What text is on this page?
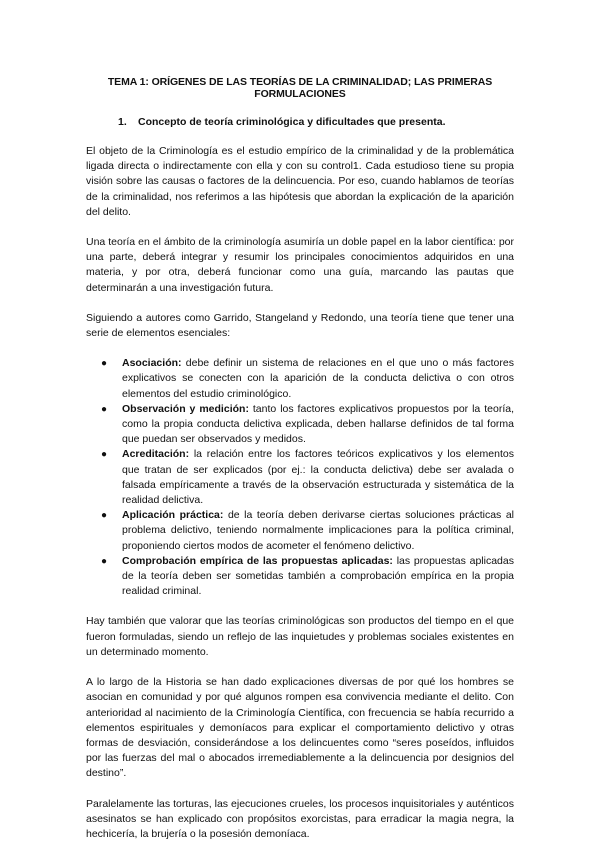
TEMA 1: ORÍGENES DE LAS TEORÍAS DE LA CRIMINALIDAD; LAS PRIMERAS FORMULACIONES
1.	Concepto de teoría criminológica y dificultades que presenta.

El objeto de la Criminología es el estudio empírico de la criminalidad y de la problemática ligada directa o indirectamente con ella y con su control1. Cada estudioso tiene su propia visión sobre las causas o factores de la delincuencia. Por eso, cuando hablamos de teorías de la criminalidad, nos referimos a las hipótesis que abordan la explicación de la aparición del delito.

Una teoría en el ámbito de la criminología asumiría un doble papel en la labor científica: por una parte, deberá integrar y resumir los principales conocimientos adquiridos en una materia, y por otra, deberá funcionar como una guía, marcando las pautas que determinarán a una investigación futura.

Siguiendo a autores como Garrido, Stangeland y Redondo, una teoría tiene que tener una serie de elementos esenciales:

● Asociación: debe definir un sistema de relaciones en el que uno o más factores explicativos se conecten con la aparición de la conducta delictiva o con otros elementos del estudio criminológico.
● Observación y medición: tanto los factores explicativos propuestos por la teoría, como la propia conducta delictiva explicada, deben hallarse definidos de tal forma que puedan ser observados y medidos.
● Acreditación: la relación entre los factores teóricos explicativos y los elementos que tratan de ser explicados (por ej.: la conducta delictiva) debe ser avalada o falsada empíricamente a través de la observación estructurada y sistemática de la realidad delictiva.
● Aplicación práctica: de la teoría deben derivarse ciertas soluciones prácticas al problema delictivo, teniendo normalmente implicaciones para la política criminal, proponiendo ciertos modos de acometer el fenómeno delictivo.
● Comprobación empírica de las propuestas aplicadas: las propuestas aplicadas de la teoría deben ser sometidas también a comprobación empírica en la propia realidad criminal.

Hay también que valorar que las teorías criminológicas son productos del tiempo en el que fueron formuladas, siendo un reflejo de las inquietudes y problemas sociales existentes en un determinado momento.

A lo largo de la Historia se han dado explicaciones diversas de por qué los hombres se asocian en comunidad y por qué algunos rompen esa convivencia mediante el delito. Con anterioridad al nacimiento de la Criminología Científica, con frecuencia se había recurrido a elementos espirituales y demoníacos para explicar el comportamiento delictivo y otras formas de desviación, considerándose a los delincuentes como “seres poseídos, influidos por las fuerzas del mal o abocados irremediablemente a la delincuencia por designios del destino”.

Paralelamente las torturas, las ejecuciones crueles, los procesos inquisitoriales y auténticos asesinatos se han explicado con propósitos exorcistas, para erradicar la magia negra, la hechicería, la brujería o la posesión demoníaca.
